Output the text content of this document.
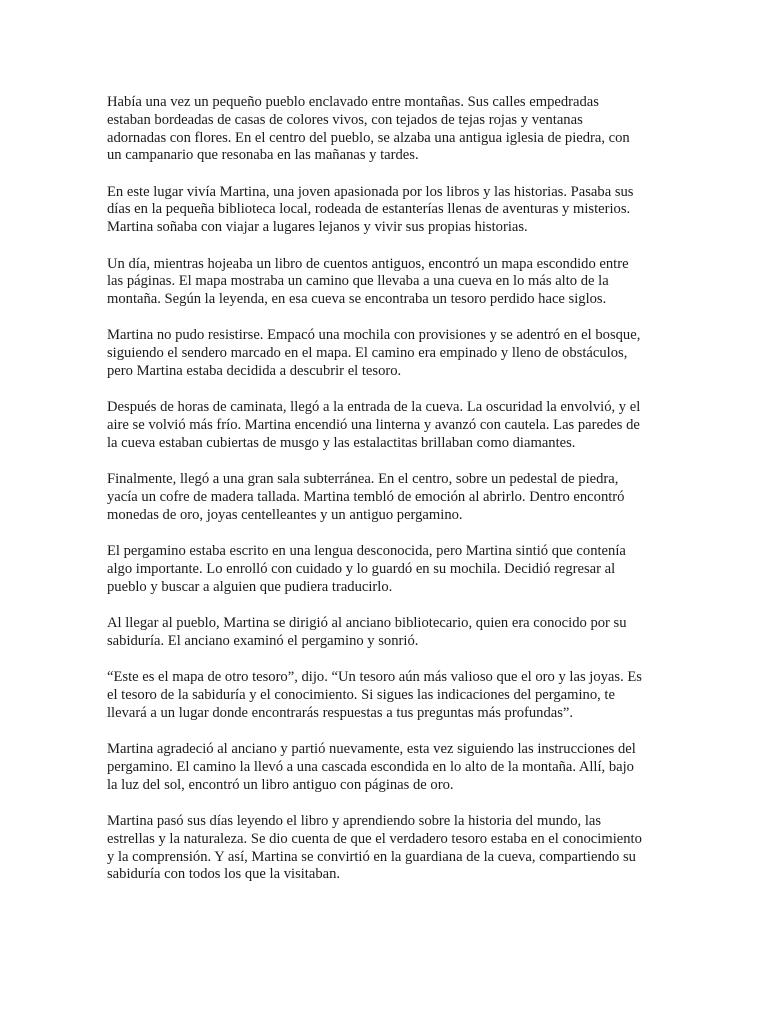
Había una vez un pequeño pueblo enclavado entre montañas. Sus calles empedradas
estaban bordeadas de casas de colores vivos, con tejados de tejas rojas y ventanas
adornadas con flores. En el centro del pueblo, se alzaba una antigua iglesia de piedra, con
un campanario que resonaba en las mañanas y tardes.

En este lugar vivía Martina, una joven apasionada por los libros y las historias. Pasaba sus
días en la pequeña biblioteca local, rodeada de estanterías llenas de aventuras y misterios.
Martina soñaba con viajar a lugares lejanos y vivir sus propias historias.

Un día, mientras hojeaba un libro de cuentos antiguos, encontró un mapa escondido entre
las páginas. El mapa mostraba un camino que llevaba a una cueva en lo más alto de la
montaña. Según la leyenda, en esa cueva se encontraba un tesoro perdido hace siglos.

Martina no pudo resistirse. Empacó una mochila con provisiones y se adentró en el bosque,
siguiendo el sendero marcado en el mapa. El camino era empinado y lleno de obstáculos,
pero Martina estaba decidida a descubrir el tesoro.

Después de horas de caminata, llegó a la entrada de la cueva. La oscuridad la envolvió, y el
aire se volvió más frío. Martina encendió una linterna y avanzó con cautela. Las paredes de
la cueva estaban cubiertas de musgo y las estalactitas brillaban como diamantes.

Finalmente, llegó a una gran sala subterránea. En el centro, sobre un pedestal de piedra,
yacía un cofre de madera tallada. Martina tembló de emoción al abrirlo. Dentro encontró
monedas de oro, joyas centelleantes y un antiguo pergamino.

El pergamino estaba escrito en una lengua desconocida, pero Martina sintió que contenía
algo importante. Lo enrolló con cuidado y lo guardó en su mochila. Decidió regresar al
pueblo y buscar a alguien que pudiera traducirlo.

Al llegar al pueblo, Martina se dirigió al anciano bibliotecario, quien era conocido por su
sabiduría. El anciano examinó el pergamino y sonrió.

“Este es el mapa de otro tesoro”, dijo. “Un tesoro aún más valioso que el oro y las joyas. Es
el tesoro de la sabiduría y el conocimiento. Si sigues las indicaciones del pergamino, te
llevará a un lugar donde encontrarás respuestas a tus preguntas más profundas”.

Martina agradeció al anciano y partió nuevamente, esta vez siguiendo las instrucciones del
pergamino. El camino la llevó a una cascada escondida en lo alto de la montaña. Allí, bajo
la luz del sol, encontró un libro antiguo con páginas de oro.

Martina pasó sus días leyendo el libro y aprendiendo sobre la historia del mundo, las
estrellas y la naturaleza. Se dio cuenta de que el verdadero tesoro estaba en el conocimiento
y la comprensión. Y así, Martina se convirtió en la guardiana de la cueva, compartiendo su
sabiduría con todos los que la visitaban.
